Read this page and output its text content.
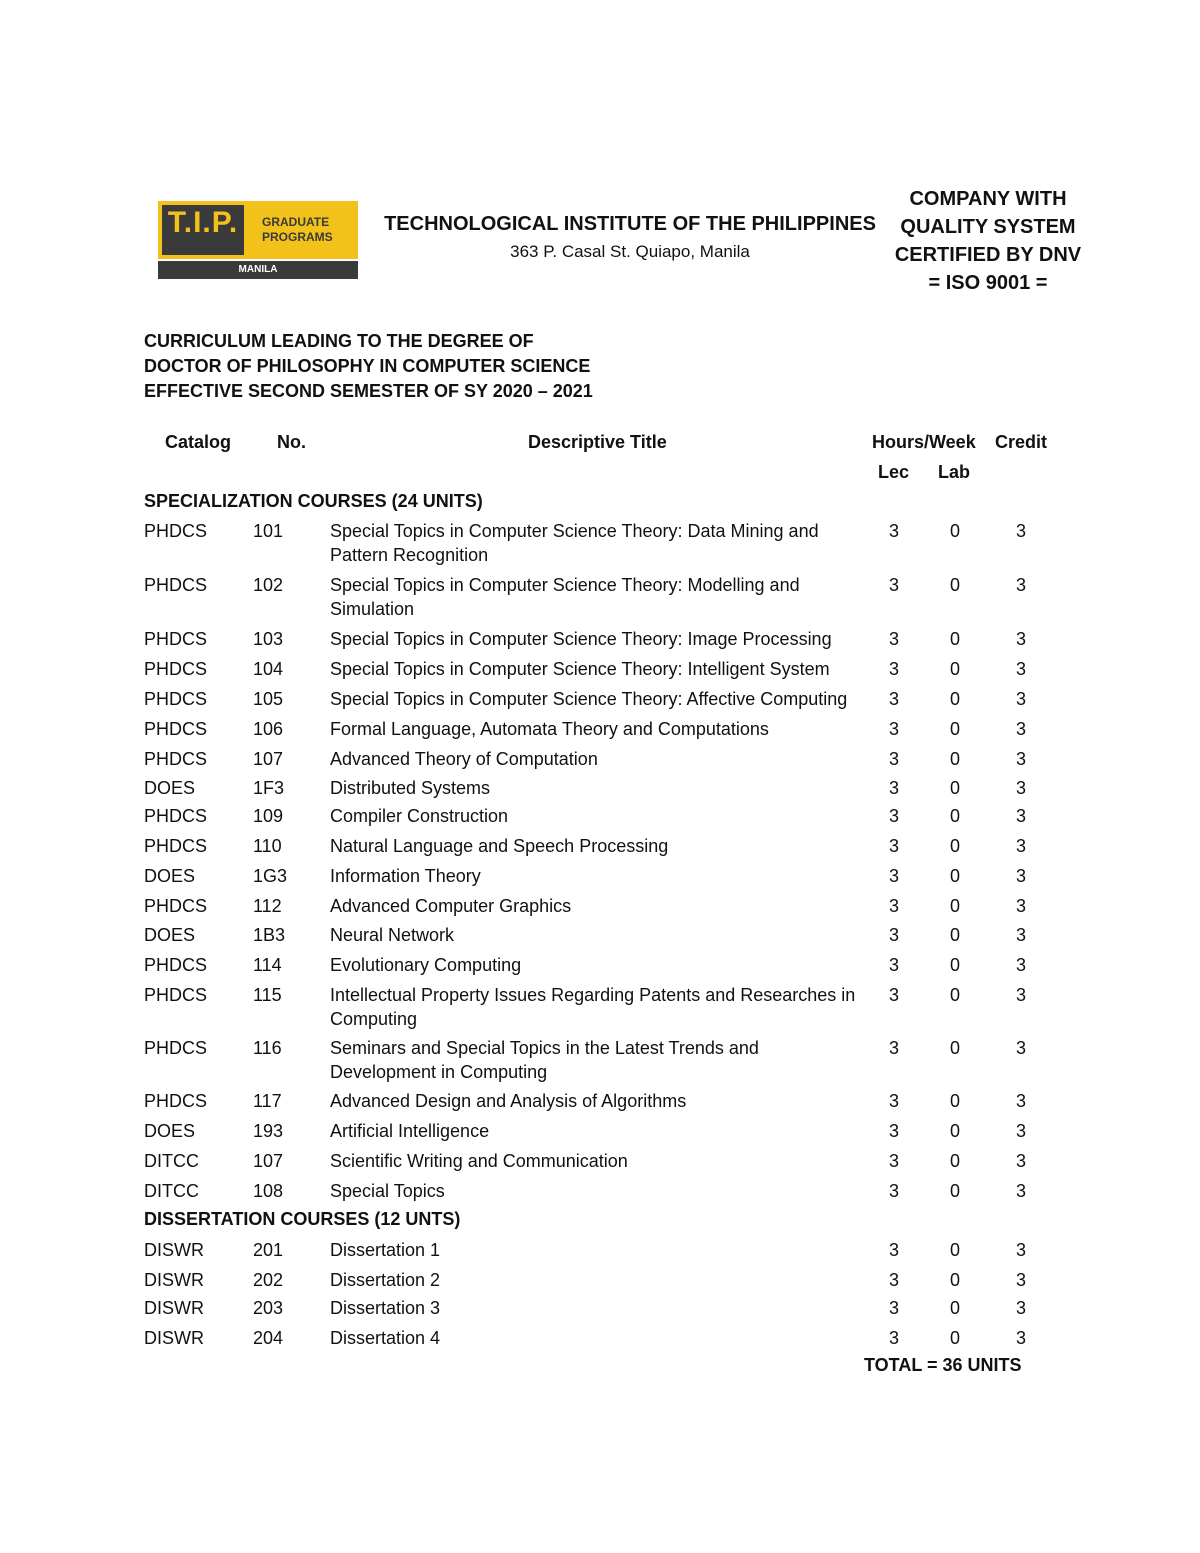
T.I.P.	GRADUATE
PROGRAMS
MANILA
TECHNOLOGICAL INSTITUTE OF THE PHILIPPINES
363 P. Casal St. Quiapo, Manila
COMPANY WITH
QUALITY SYSTEM
CERTIFIED BY DNV
= ISO 9001 =
CURRICULUM LEADING TO THE DEGREE OF
DOCTOR OF PHILOSOPHY IN COMPUTER SCIENCE
EFFECTIVE SECOND SEMESTER OF SY 2020 – 2021
Catalog	No.	Descriptive Title	Hours/Week Credit
Lec Lab
SPECIALIZATION COURSES (24 UNITS)
DISSERTATION COURSES (12 UNTS)
PHDCS	101	Special Topics in Computer Science Theory: Data Mining and Pattern Recognition
3	0	3
PHDCS	102	Special Topics in Computer Science Theory: Modelling and Simulation
3	0	3
PHDCS	103	Special Topics in Computer Science Theory: Image Processing	3	0	3
PHDCS	104	Special Topics in Computer Science Theory: Intelligent System	3	0	3
PHDCS	105	Special Topics in Computer Science Theory: Affective Computing	3	0	3
PHDCS	106	Formal Language, Automata Theory and Computations	3	0	3
PHDCS	107	Advanced Theory of Computation	3	0	3
DOES	1F3	Distributed Systems	3	0	3
PHDCS	109	Compiler Construction	3	0	3
PHDCS	110	Natural Language and Speech Processing	3	0	3
DOES	1G3 Information Theory	3	0	3
PHDCS	112	Advanced Computer Graphics	3	0	3
DOES	1B3 Neural Network	3	0	3
PHDCS	114	Evolutionary Computing	3	0	3
PHDCS	115	Intellectual Property Issues Regarding Patents and Researches in Computing
3	0	3
PHDCS	116	Seminars and Special Topics in the Latest Trends and Development in Computing
3	0	3
PHDCS	117	Advanced Design and Analysis of Algorithms	3	0	3
DOES	193	Artificial Intelligence	3	0	3
DITCC	107	Scientific Writing and Communication	3	0	3
DITCC	108	Special Topics	3	0	3
DISWR	201	Dissertation 1	3	0	3
DISWR	202	Dissertation 2	3	0	3
DISWR	203	Dissertation 3	3	0	3
DISWR	204	Dissertation 4	3	0	3
TOTAL = 36 UNITS
